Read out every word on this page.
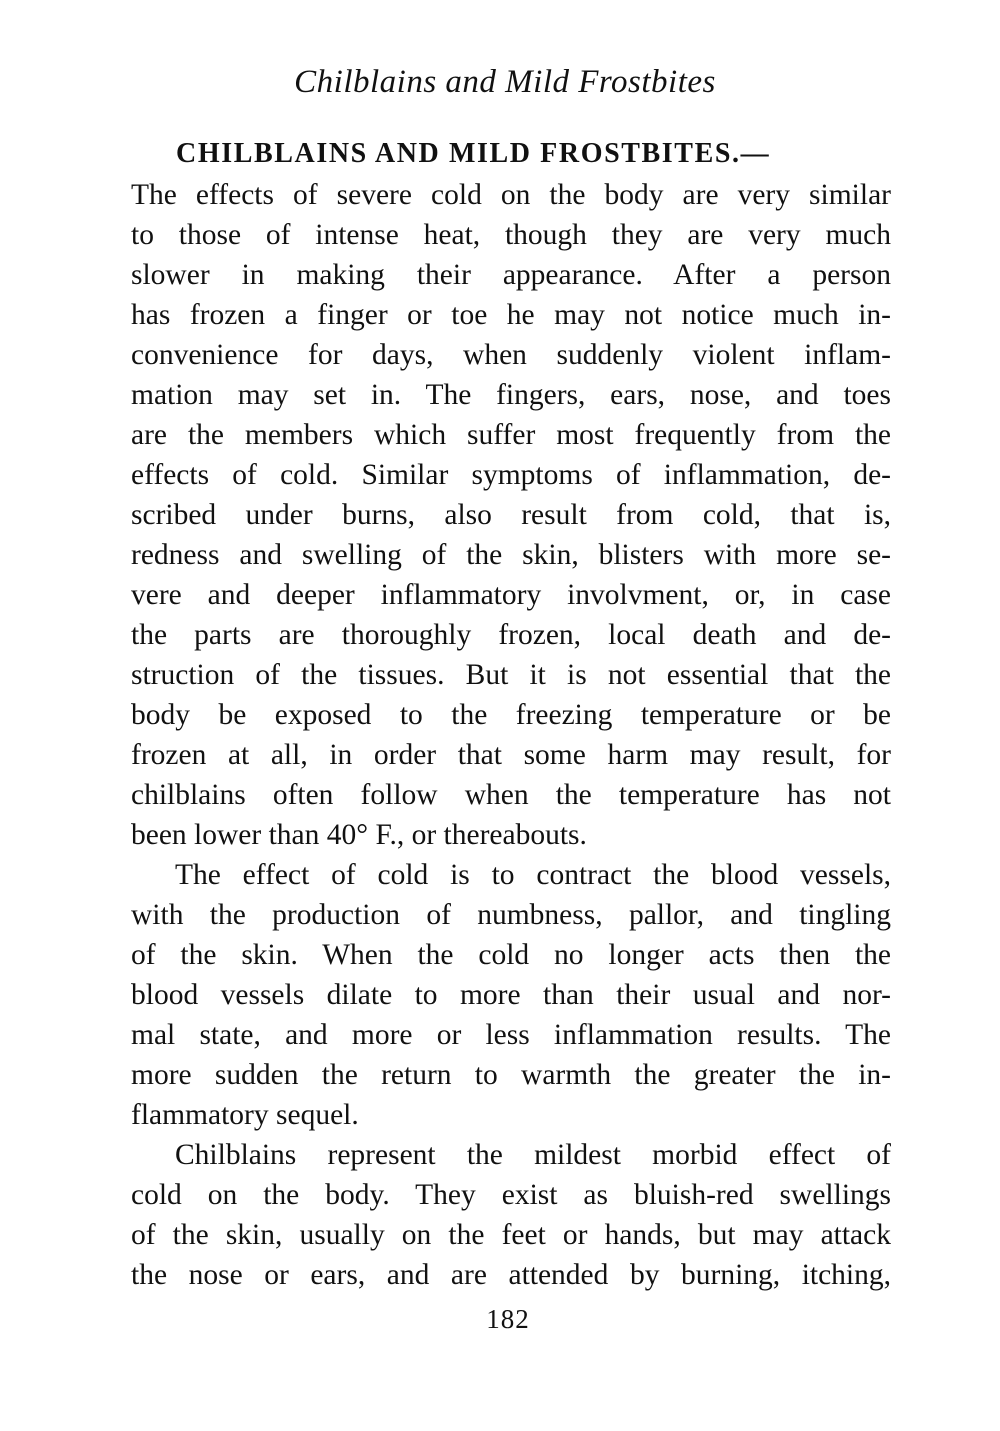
Chilblains and Mild Frostbites
CHILBLAINS AND MILD FROSTBITES.—
The effects of severe cold on the body are very similar
to those of intense heat, though they are very much
slower in making their appearance. After a person
has frozen a finger or toe he may not notice much in-
convenience for days, when suddenly violent inflam-
mation may set in. The fingers, ears, nose, and toes
are the members which suffer most frequently from the
effects of cold. Similar symptoms of inflammation, de-
scribed under burns, also result from cold, that is,
redness and swelling of the skin, blisters with more se-
vere and deeper inflammatory involvment, or, in case
the parts are thoroughly frozen, local death and de-
struction of the tissues. But it is not essential that the
body be exposed to the freezing temperature or be
frozen at all, in order that some harm may result, for
chilblains often follow when the temperature has not
been lower than 40° F., or thereabouts.
The effect of cold is to contract the blood vessels,
with the production of numbness, pallor, and tingling
of the skin. When the cold no longer acts then the
blood vessels dilate to more than their usual and nor-
mal state, and more or less inflammation results. The
more sudden the return to warmth the greater the in-
flammatory sequel.
Chilblains represent the mildest morbid effect of
cold on the body. They exist as bluish-red swellings
of the skin, usually on the feet or hands, but may attack
the nose or ears, and are attended by burning, itching,
182
